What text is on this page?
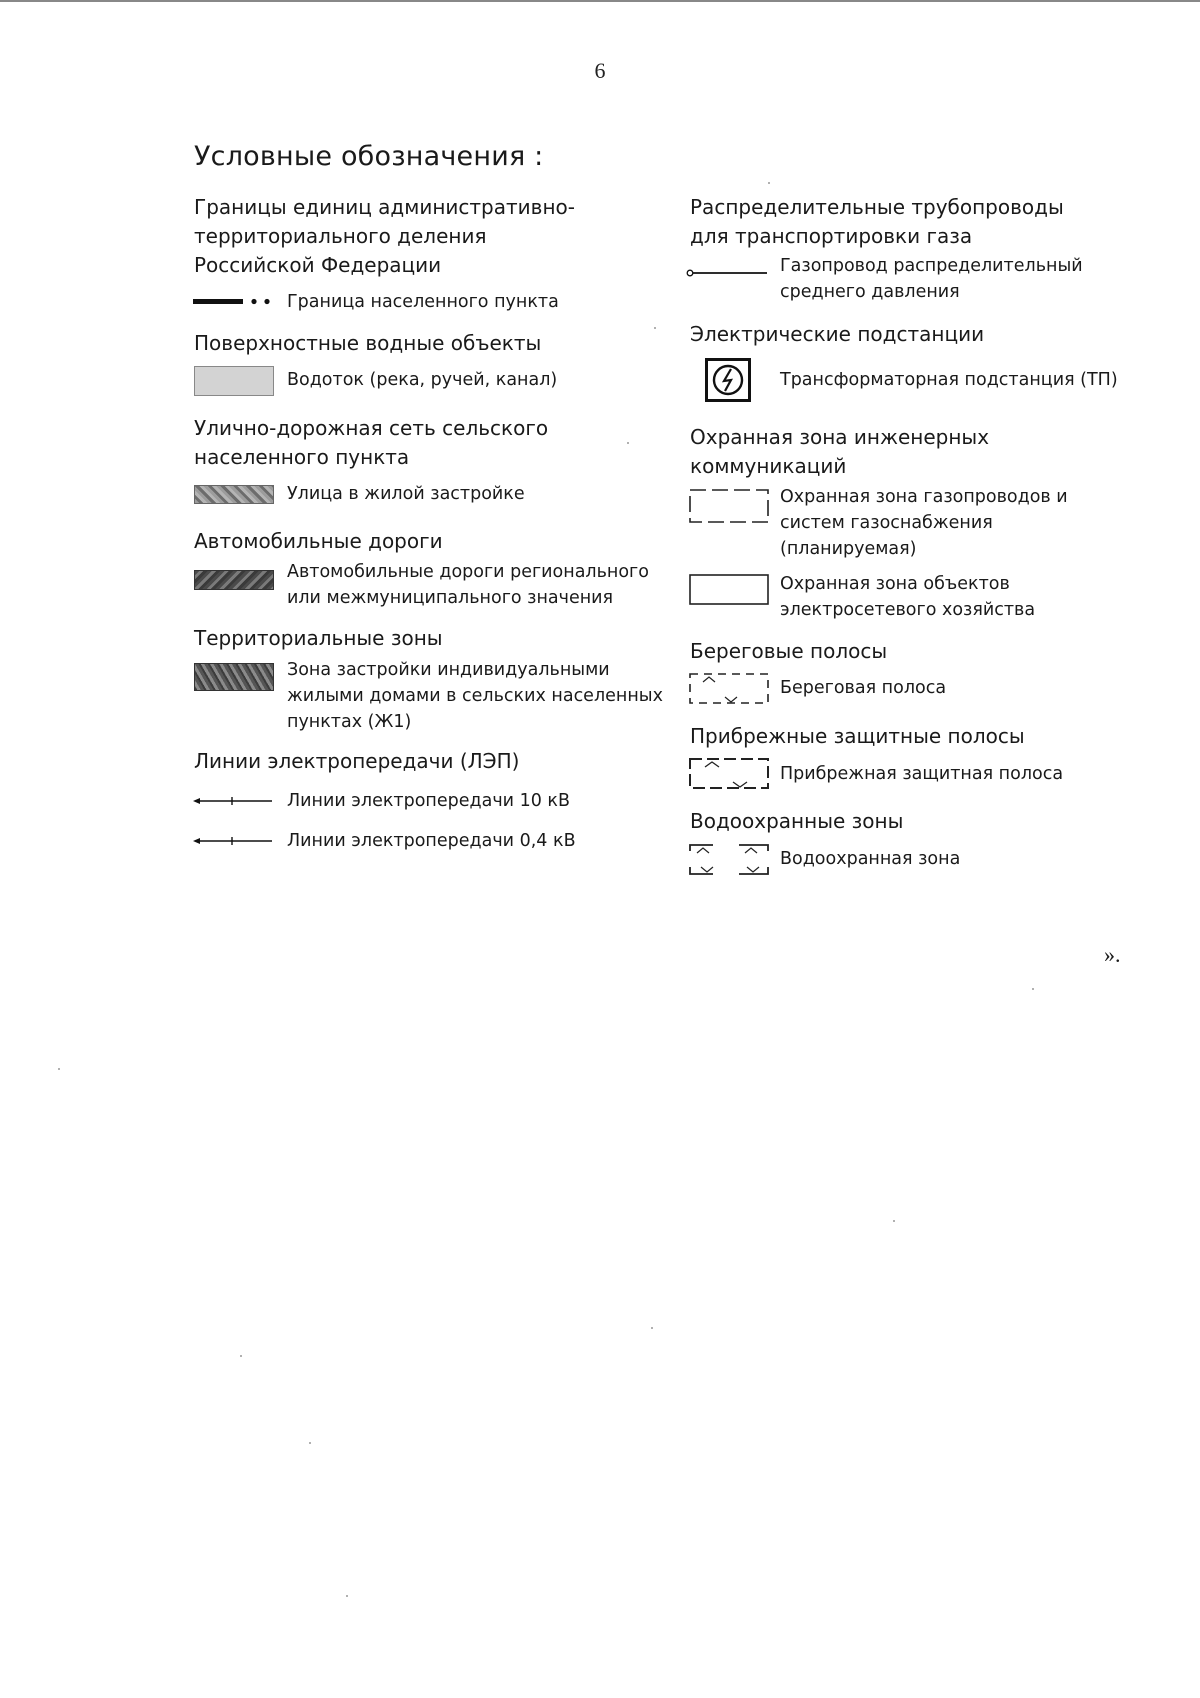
6
Условные обозначения :
Границы единиц административно-
территориального деления
Российской Федерации
Граница населенного пункта
Поверхностные водные объекты
Водоток (река, ручей, канал)
Улично-дорожная сеть сельского
населенного пункта
Улица в жилой застройке
Автомобильные дороги
Автомобильные дороги регионального
или межмуниципального значения
Территориальные зоны
Зона застройки индивидуальными
жилыми домами в сельских населенных
пунктах (Ж1)
Линии электропередачи (ЛЭП)
Линии электропередачи 10 кВ
Линии электропередачи 0,4 кВ
Распределительные трубопроводы
для транспортировки газа
Газопровод распределительный
среднего давления
Электрические подстанции
Трансформаторная подстанция (ТП)
Охранная зона инженерных
коммуникаций
Охранная зона газопроводов и
систем газоснабжения
(планируемая)
Охранная зона объектов
электросетевого хозяйства
Береговые полосы
Береговая полоса
Прибрежные защитные полосы
Прибрежная защитная полоса
Водоохранные зоны
Водоохранная зона
».
